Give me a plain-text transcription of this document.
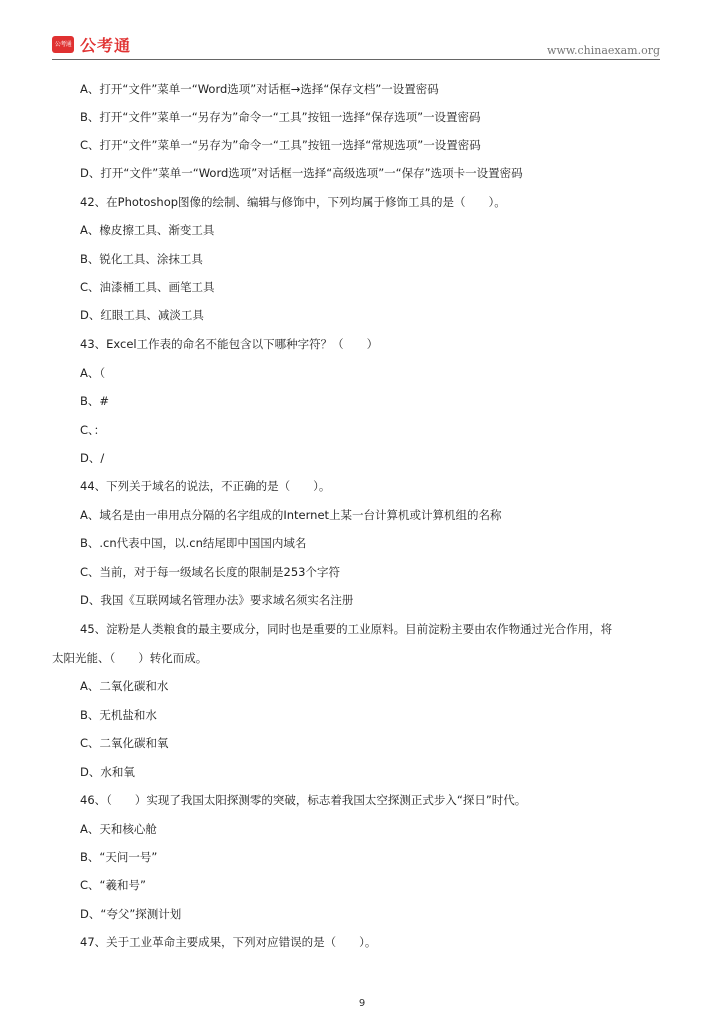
公考通 公考通	www.chinaexam.org
A、打开“文件”菜单一“Word选项”对话框→选择“保存文档”一设置密码
B、打开“文件”菜单一“另存为”命令一“工具”按钮一选择“保存选项”一设置密码
C、打开“文件”菜单一“另存为”命令一“工具”按钮一选择“常规选项”一设置密码
D、打开“文件”菜单一“Word选项”对话框一选择“高级选项”一“保存”选项卡一设置密码
42、在Photoshop图像的绘制、编辑与修饰中，下列均属于修饰工具的是（　　）。
A、橡皮擦工具、渐变工具
B、锐化工具、涂抹工具
C、油漆桶工具、画笔工具
D、红眼工具、减淡工具
43、Excel工作表的命名不能包含以下哪种字符？（　　）
A、（
B、#
C、：
D、/
44、下列关于域名的说法，不正确的是（　　）。
A、域名是由一串用点分隔的名字组成的Internet上某一台计算机或计算机组的名称
B、.cn代表中国，以.cn结尾即中国国内域名
C、当前，对于每一级域名长度的限制是253个字符
D、我国《互联网域名管理办法》要求域名须实名注册
45、淀粉是人类粮食的最主要成分，同时也是重要的工业原料。目前淀粉主要由农作物通过光合作用，将
太阳光能、（　　）转化而成。
A、二氧化碳和水
B、无机盐和水
C、二氧化碳和氧
D、水和氧
46、（　　）实现了我国太阳探测零的突破，标志着我国太空探测正式步入“探日”时代。
A、天和核心舱
B、“天问一号”
C、“羲和号”
D、“夸父”探测计划
47、关于工业革命主要成果，下列对应错误的是（　　）。
9
